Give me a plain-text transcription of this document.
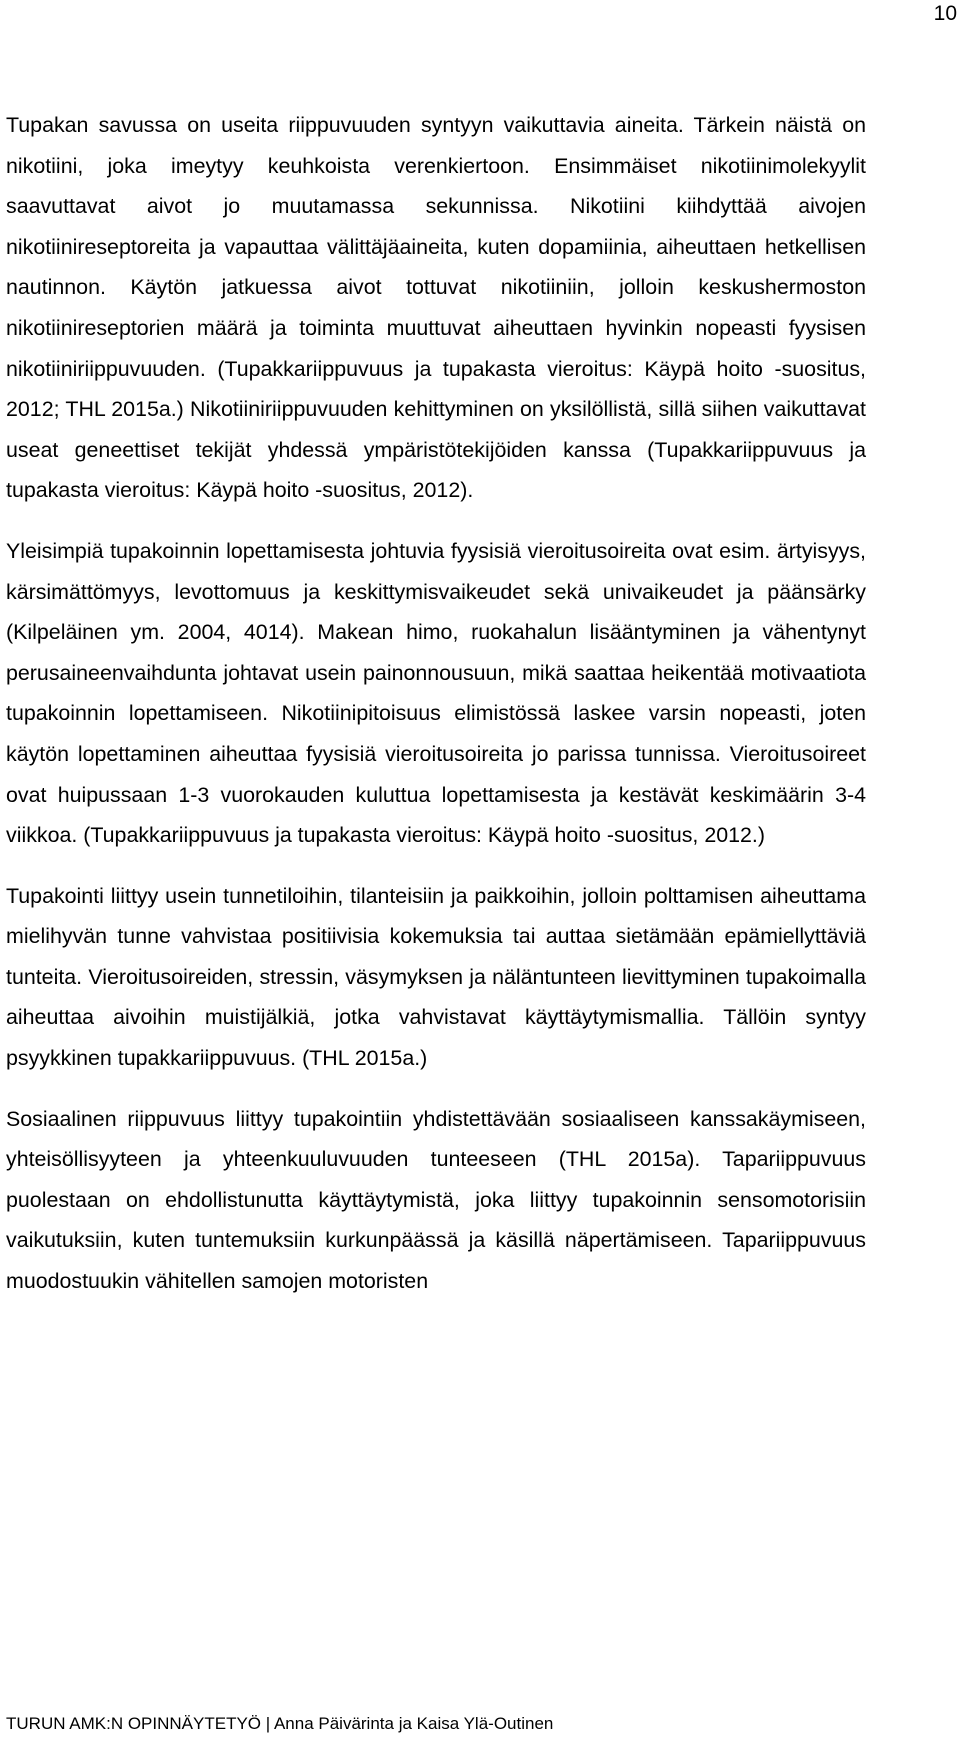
10

Tupakan savussa on useita riippuvuuden syntyyn vaikuttavia aineita. Tärkein näistä on nikotiini, joka imeytyy keuhkoista verenkiertoon. Ensimmäiset nikotiinimolekyylit saavuttavat aivot jo muutamassa sekunnissa. Nikotiini kiihdyttää aivojen nikotiinireseptoreita ja vapauttaa välittäjäaineita, kuten dopamiinia, aiheuttaen hetkellisen nautinnon. Käytön jatkuessa aivot tottuvat nikotiiniin, jolloin keskushermoston nikotiinireseptorien määrä ja toiminta muuttuvat aiheuttaen hyvinkin nopeasti fyysisen nikotiiniriippuvuuden. (Tupakkariippuvuus ja tupakasta vieroitus: Käypä hoito -suositus, 2012; THL 2015a.) Nikotiiniriippuvuuden kehittyminen on yksilöllistä, sillä siihen vaikuttavat useat geneettiset tekijät yhdessä ympäristötekijöiden kanssa (Tupakkariippuvuus ja tupakasta vieroitus: Käypä hoito -suositus, 2012).

Yleisimpiä tupakoinnin lopettamisesta johtuvia fyysisiä vieroitusoireita ovat esim. ärtyisyys, kärsimättömyys, levottomuus ja keskittymisvaikeudet sekä univaikeudet ja päänsärky (Kilpeläinen ym. 2004, 4014). Makean himo, ruokahalun lisääntyminen ja vähentynyt perusaineenvaihdunta johtavat usein painonnousuun, mikä saattaa heikentää motivaatiota tupakoinnin lopettamiseen. Nikotiinipitoisuus elimistössä laskee varsin nopeasti, joten käytön lopettaminen aiheuttaa fyysisiä vieroitusoireita jo parissa tunnissa. Vieroitusoireet ovat huipussaan 1-3 vuorokauden kuluttua lopettamisesta ja kestävät keskimäärin 3-4 viikkoa. (Tupakkariippuvuus ja tupakasta vieroitus: Käypä hoito -suositus, 2012.)

Tupakointi liittyy usein tunnetiloihin, tilanteisiin ja paikkoihin, jolloin polttamisen aiheuttama mielihyvän tunne vahvistaa positiivisia kokemuksia tai auttaa sietämään epämiellyttäviä tunteita. Vieroitusoireiden, stressin, väsymyksen ja näläntunteen lievittyminen tupakoimalla aiheuttaa aivoihin muistijälkiä, jotka vahvistavat käyttäytymismallia. Tällöin syntyy psyykkinen tupakkariippuvuus. (THL 2015a.)

Sosiaalinen riippuvuus liittyy tupakointiin yhdistettävään sosiaaliseen kanssakäymiseen, yhteisöllisyyteen ja yhteenkuuluvuuden tunteeseen (THL 2015a). Tapariippuvuus puolestaan on ehdollistunutta käyttäytymistä, joka liittyy tupakoinnin sensomotorisiin vaikutuksiin, kuten tuntemuksiin kurkunpäässä ja käsillä näpertämiseen. Tapariippuvuus muodostuukin vähitellen samojen motoristen

TURUN AMK:N OPINNÄYTETYÖ | Anna Päivärinta ja Kaisa Ylä-Outinen
